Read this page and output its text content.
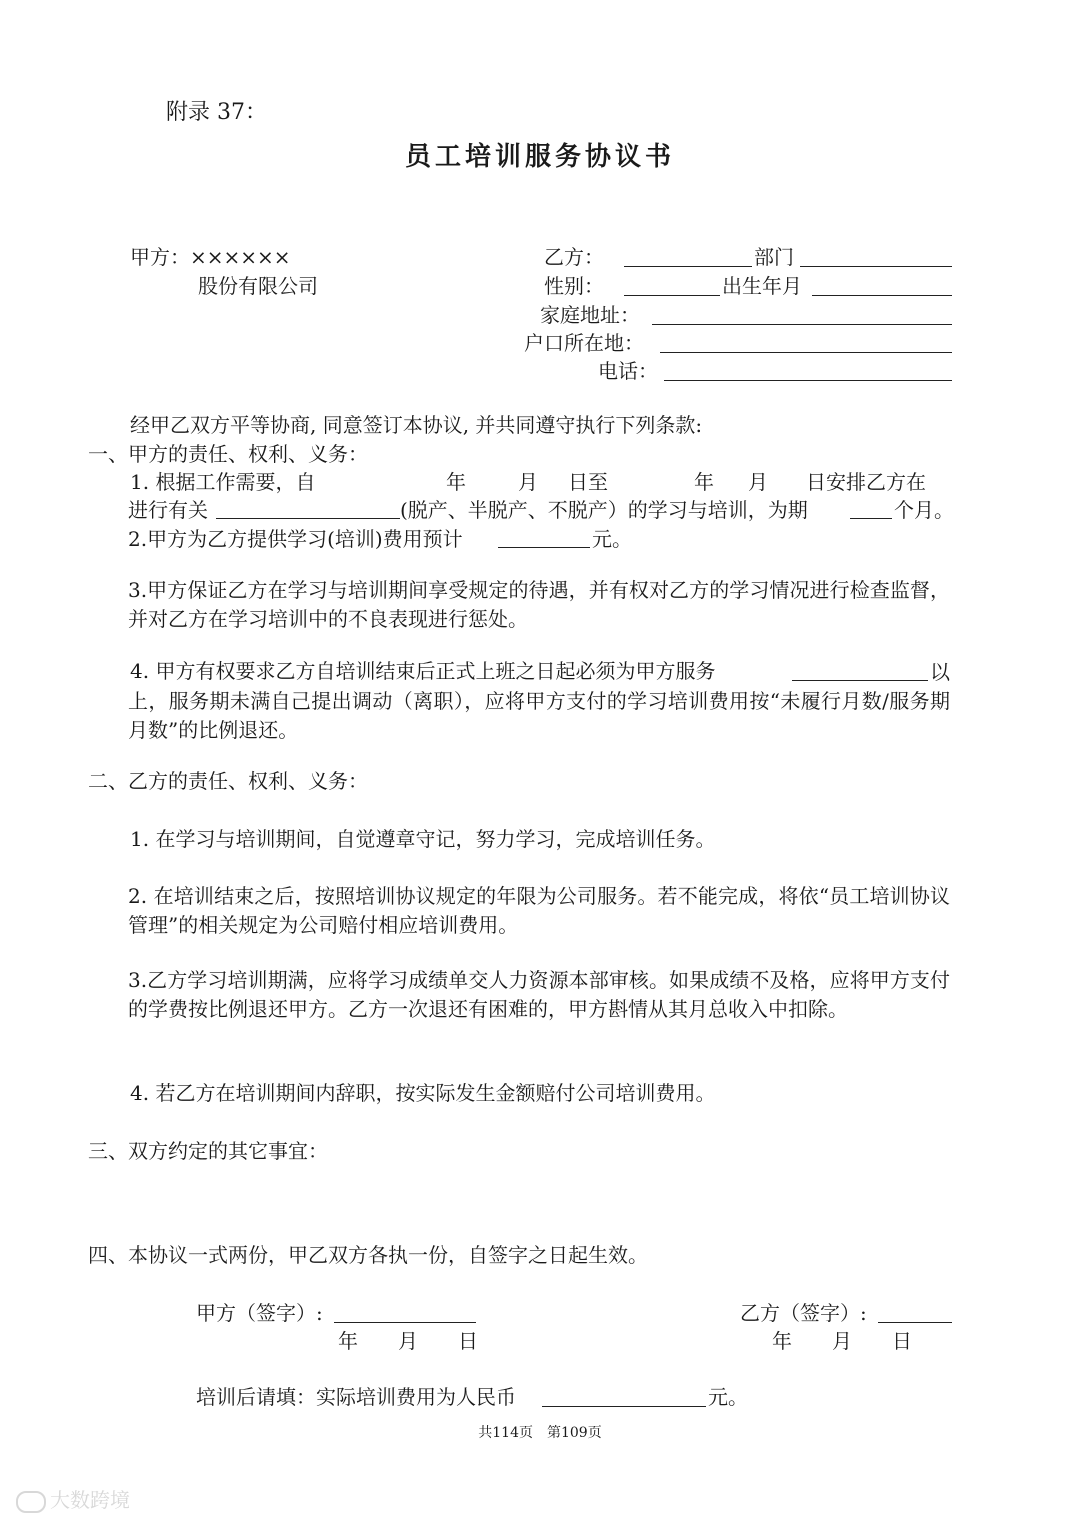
附录 37：
员工培训服务协议书
甲方：××××××
股份有限公司
乙方：	部门
性别：	出生年月
家庭地址：
户口所在地：
电话：
经甲乙双方平等协商, 同意签订本协议, 并共同遵守执行下列条款:
一、甲方的责任、权利、义务：
1. 根据工作需要，自	年	月 日至	年 月 日安排乙方在
进行有关	(脱产、半脱产、不脱产）的学习与培训，为期	个月。
2.甲方为乙方提供学习(培训)费用预计	元。
3.甲方保证乙方在学习与培训期间享受规定的待遇，并有权对乙方的学习情况进行检查监督，并对乙方在学习培训中的不良表现进行惩处。
4. 甲方有权要求乙方自培训结束后正式上班之日起必须为甲方服务	以上，服务期未满自己提出调动（离职），应将甲方支付的学习培训费用按“未履行月数/服务期月数”的比例退还。
二、乙方的责任、权利、义务：
1. 在学习与培训期间，自觉遵章守记，努力学习，完成培训任务。
2. 在培训结束之后，按照培训协议规定的年限为公司服务。若不能完成，将依“员工培训协议管理”的相关规定为公司赔付相应培训费用。
3.乙方学习培训期满，应将学习成绩单交人力资源本部审核。如果成绩不及格，应将甲方支付的学费按比例退还甲方。乙方一次退还有困难的，甲方斟情从其月总收入中扣除。
4. 若乙方在培训期间内辞职，按实际发生金额赔付公司培训费用。
三、双方约定的其它事宜：
四、本协议一式两份，甲乙双方各执一份，自签字之日起生效。
甲方（签字）:
年　　月　　日
乙方（签字）:
年　　月　　日
培训后请填：实际培训费用为人民币	元。
共114页　第109页
大数跨境
